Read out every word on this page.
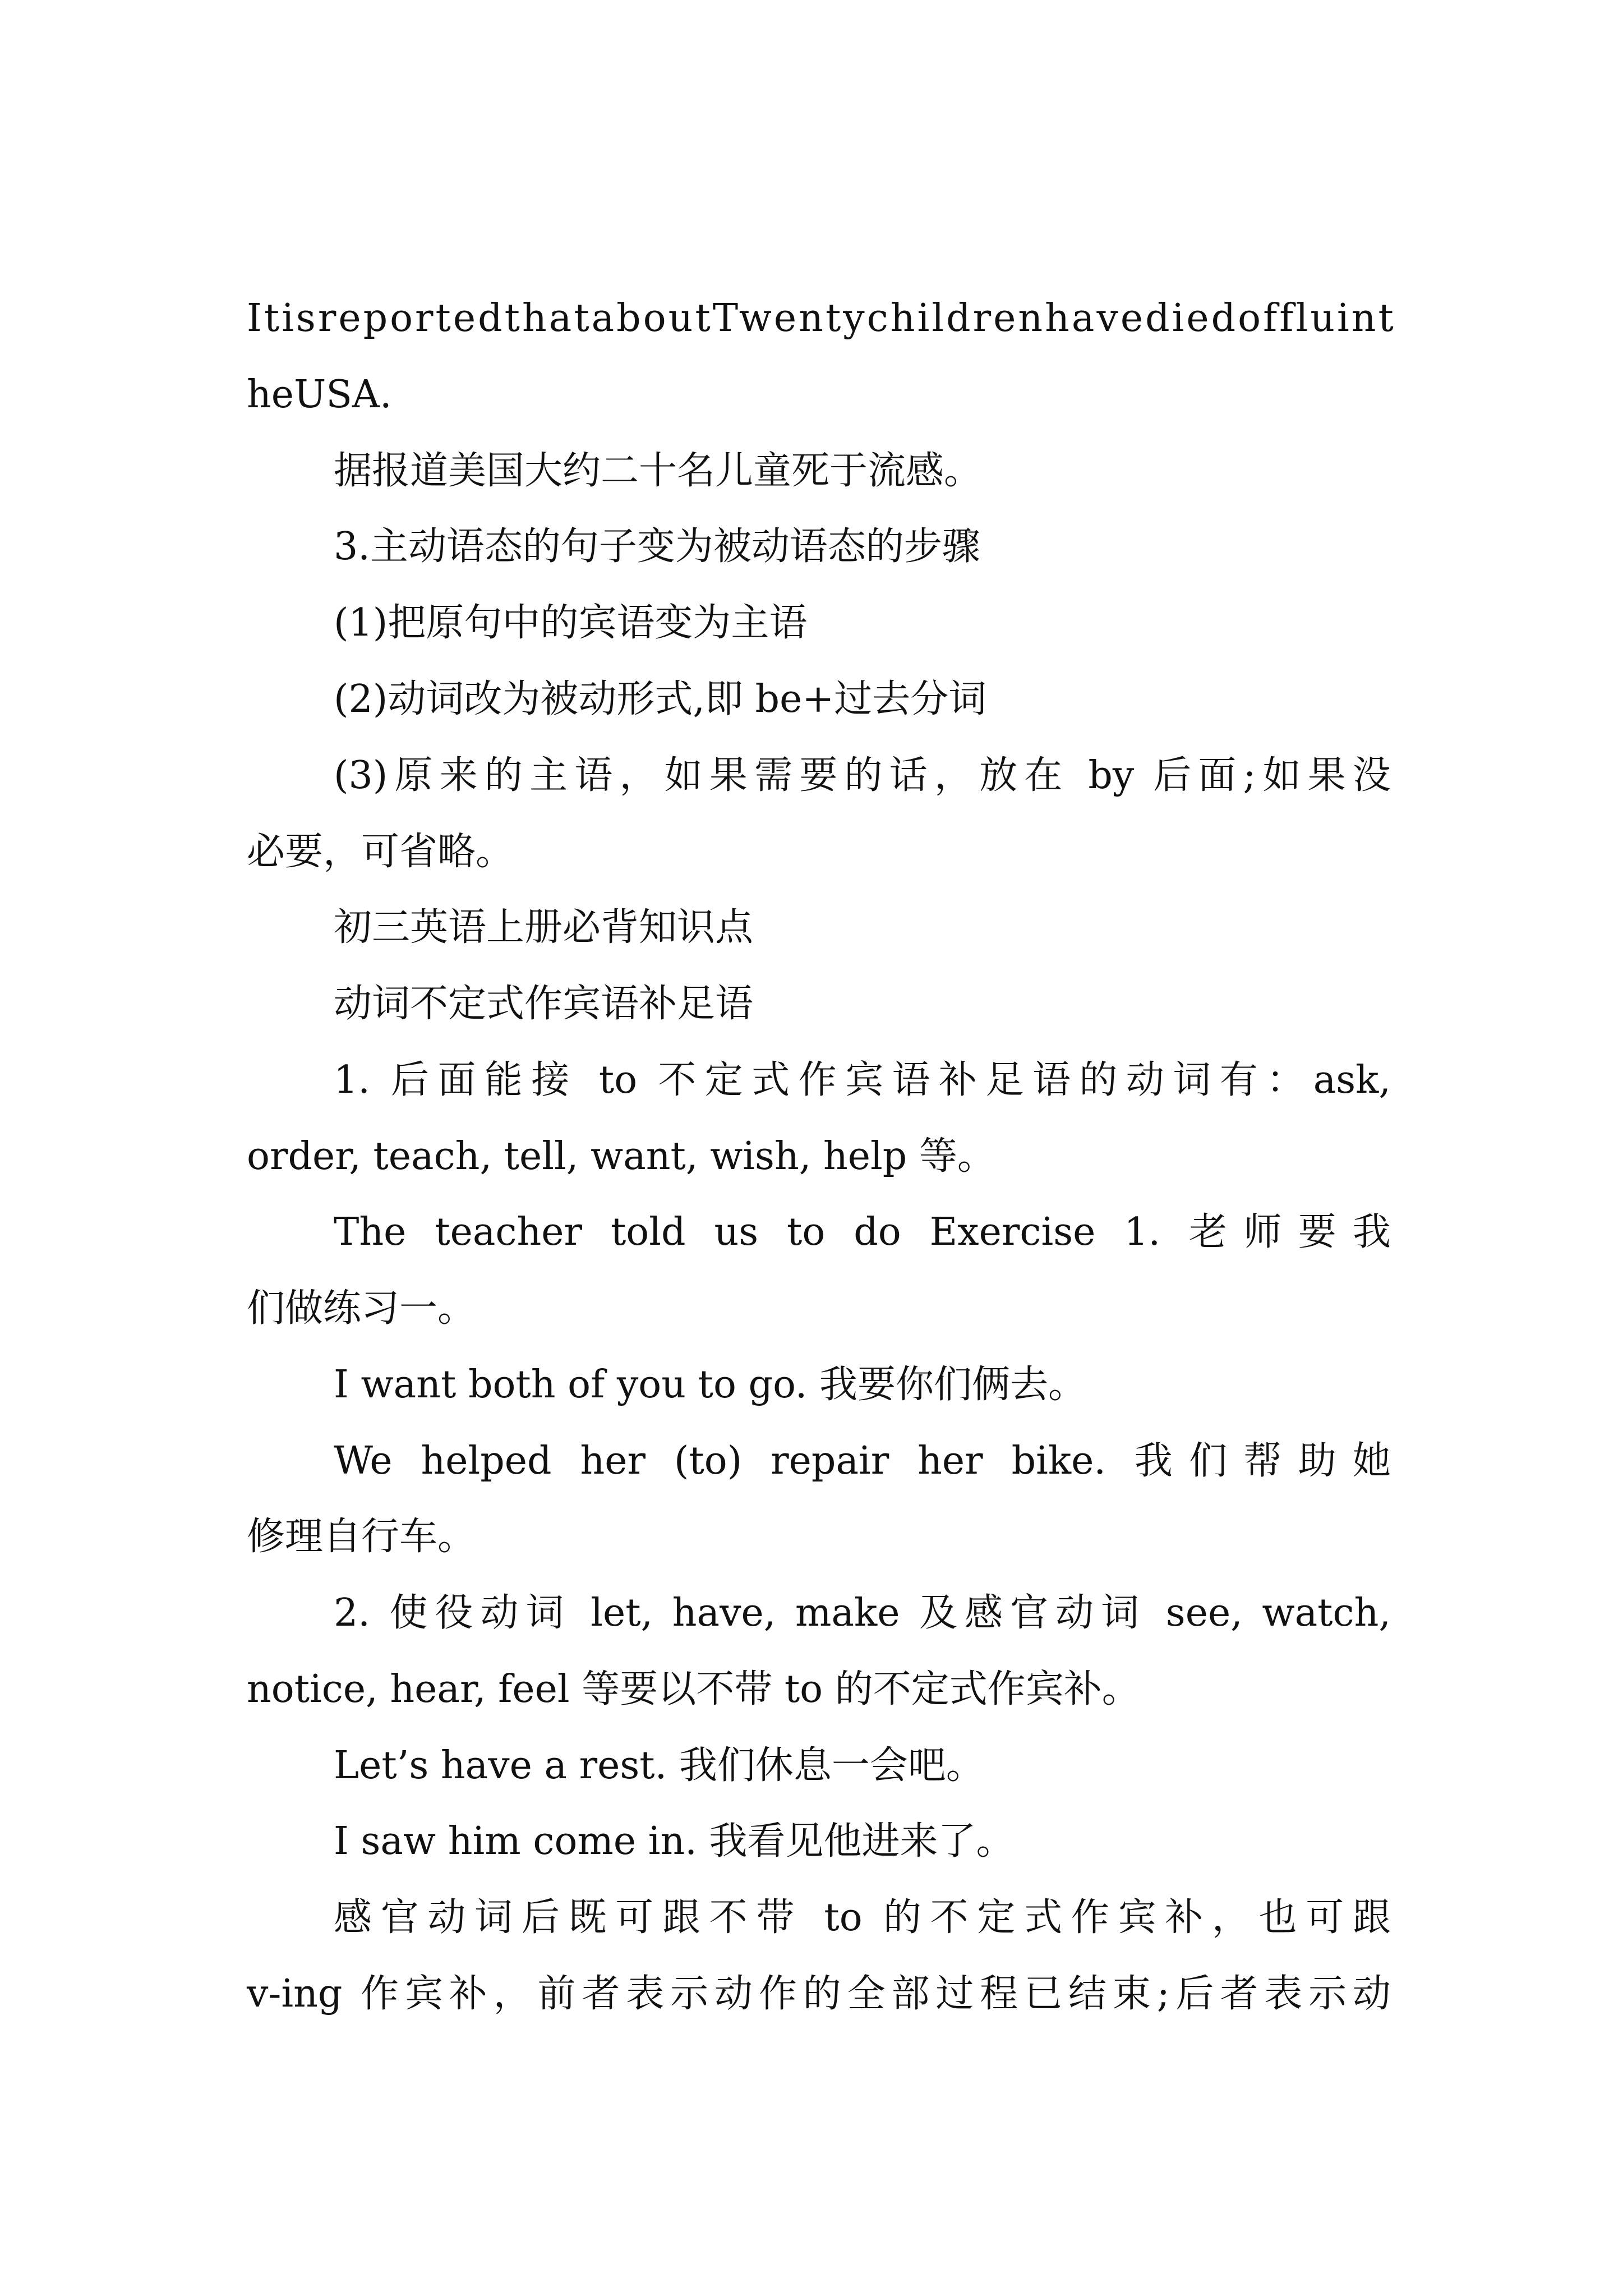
ItisreportedthataboutTwentychildrenhavediedoffluint
heUSA.
据报道美国大约二十名儿童死于流感。
3.主动语态的句子变为被动语态的步骤
(1)把原句中的宾语变为主语
(2)动词改为被动形式,即 be+过去分词
(3)原来的主语，如果需要的话，放在 by 后面;如果没
必要，可省略。
初三英语上册必背知识点
动词不定式作宾语补足语
1. 后面能接 to 不定式作宾语补足语的动词有：ask,
order, teach, tell, want, wish, help 等。
The teacher told us to do Exercise 1. 老师要我
们做练习一。
I want both of you to go. 我要你们俩去。
We helped her (to) repair her bike. 我们帮助她
修理自行车。
2. 使役动词 let, have, make 及感官动词 see, watch,
notice, hear, feel 等要以不带 to 的不定式作宾补。
Let’s have a rest. 我们休息一会吧。
I saw him come in. 我看见他进来了。
感官动词后既可跟不带 to 的不定式作宾补，也可跟
v-ing 作宾补，前者表示动作的全部过程已结束;后者表示动
